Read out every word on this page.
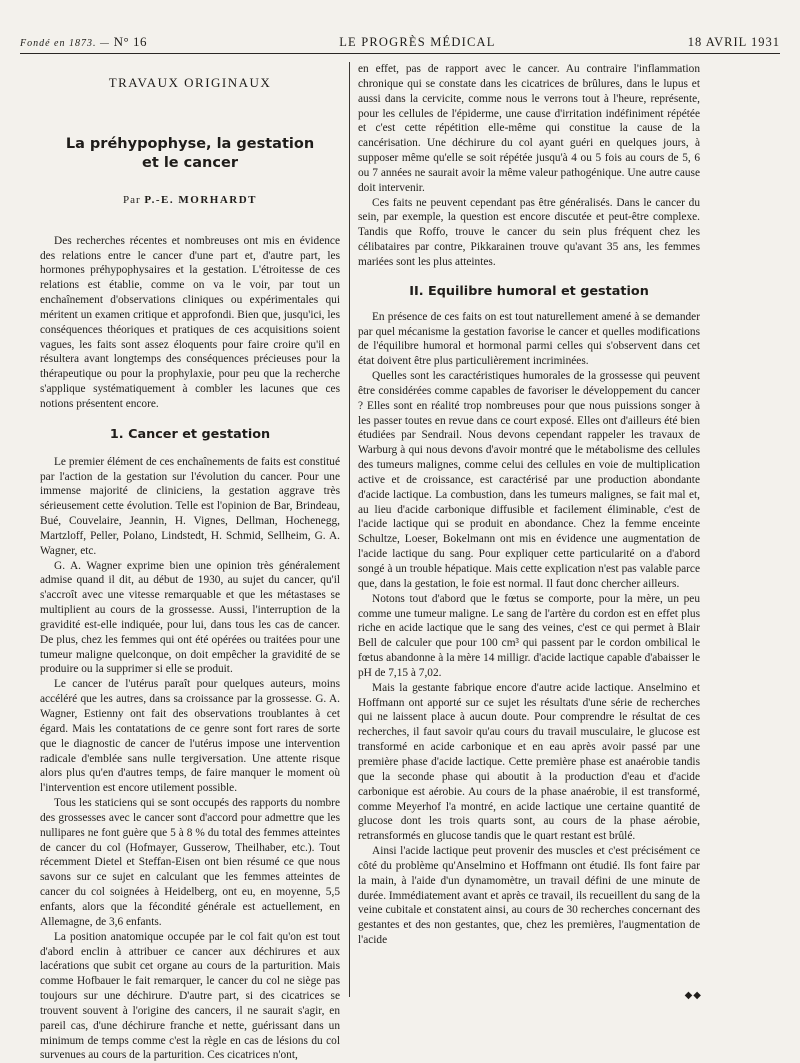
Fondé en 1873. — N° 16	LE PROGRÈS MÉDICAL	18 AVRIL 1931
TRAVAUX ORIGINAUX
La préhypophyse, la gestation
et le cancer
Par P.-E. MORHARDT

Des recherches récentes et nombreuses ont mis en évidence des relations entre le cancer d'une part et, d'autre part, les hormones préhypophysaires et la gestation. L'étroitesse de ces relations est établie, comme on va le voir, par tout un enchaînement d'observations cliniques ou expérimentales qui méritent un examen critique et approfondi. Bien que, jusqu'ici, les conséquences théoriques et pratiques de ces acquisitions soient vagues, les faits sont assez éloquents pour faire croire qu'il en résultera avant longtemps des conséquences précieuses pour la thérapeutique ou pour la prophylaxie, pour peu que la recherche s'applique systématiquement à combler les lacunes que ces notions présentent encore.

1. Cancer et gestation

Le premier élément de ces enchaînements de faits est constitué par l'action de la gestation sur l'évolution du cancer. Pour une immense majorité de cliniciens, la gestation aggrave très sérieusement cette évolution. Telle est l'opinion de Bar, Brindeau, Bué, Couvelaire, Jeannin, H. Vignes, Dellman, Hochenegg, Martzloff, Peller, Polano, Lindstedt, H. Schmid, Sellheim, G. A. Wagner, etc.

G. A. Wagner exprime bien une opinion très généralement admise quand il dit, au début de 1930, au sujet du cancer, qu'il s'accroît avec une vitesse remarquable et que les métastases se multiplient au cours de la grossesse. Aussi, l'interruption de la gravidité est-elle indiquée, pour lui, dans tous les cas de cancer. De plus, chez les femmes qui ont été opérées ou traitées pour une tumeur maligne quelconque, on doit empêcher la gravidité de se produire ou la supprimer si elle se produit.

Le cancer de l'utérus paraît pour quelques auteurs, moins accéléré que les autres, dans sa croissance par la grossesse. G. A. Wagner, Estienny ont fait des observations troublantes à cet égard. Mais les contatations de ce genre sont fort rares de sorte que le diagnostic de cancer de l'utérus impose une intervention radicale d'emblée sans nulle tergiversation. Une attente risque alors plus qu'en d'autres temps, de faire manquer le moment où l'intervention est encore utilement possible.

Tous les staticiens qui se sont occupés des rapports du nombre des grossesses avec le cancer sont d'accord pour admettre que les nullipares ne font guère que 5 à 8 % du total des femmes atteintes de cancer du col (Hofmayer, Gusserow, Theilhaber, etc.). Tout récemment Dietel et Steffan-Eisen ont bien résumé ce que nous savons sur ce sujet en calculant que les femmes atteintes de cancer du col soignées à Heidelberg, ont eu, en moyenne, 5,5 enfants, alors que la fécondité générale est actuellement, en Allemagne, de 3,6 enfants.

La position anatomique occupée par le col fait qu'on est tout d'abord enclin à attribuer ce cancer aux déchirures et aux lacérations que subit cet organe au cours de la parturition. Mais comme Hofbauer le fait remarquer, le cancer du col ne siège pas toujours sur une déchirure. D'autre part, si des cicatrices se trouvent souvent à l'origine des cancers, il ne saurait s'agir, en pareil cas, d'une déchirure franche et nette, guérissant dans un minimum de temps comme c'est la règle en cas de lésions du col survenues au cours de la parturition. Ces cicatrices n'ont,

en effet, pas de rapport avec le cancer. Au contraire l'inflammation chronique qui se constate dans les cicatrices de brûlures, dans le lupus et aussi dans la cervicite, comme nous le verrons tout à l'heure, représente, pour les cellules de l'épiderme, une cause d'irritation indéfiniment répétée et c'est cette répétition elle-même qui constitue la cause de la cancérisation. Une déchirure du col ayant guéri en quelques jours, à supposer même qu'elle se soit répétée jusqu'à 4 ou 5 fois au cours de 5, 6 ou 7 années ne saurait avoir la même valeur pathogénique. Une autre cause doit intervenir.

Ces faits ne peuvent cependant pas être généralisés. Dans le cancer du sein, par exemple, la question est encore discutée et peut-être complexe. Tandis que Roffo, trouve le cancer du sein plus fréquent chez les célibataires par contre, Pikkarainen trouve qu'avant 35 ans, les femmes mariées sont les plus atteintes.

II. Equilibre humoral et gestation

En présence de ces faits on est tout naturellement amené à se demander par quel mécanisme la gestation favorise le cancer et quelles modifications de l'équilibre humoral et hormonal parmi celles qui s'observent dans cet état doivent être plus particulièrement incriminées.

Quelles sont les caractéristiques humorales de la grossesse qui peuvent être considérées comme capables de favoriser le développement du cancer ? Elles sont en réalité trop nombreuses pour que nous puissions songer à les passer toutes en revue dans ce court exposé. Elles ont d'ailleurs été bien étudiées par Sendrail. Nous devons cependant rappeler les travaux de Warburg à qui nous devons d'avoir montré que le métabolisme des cellules des tumeurs malignes, comme celui des cellules en voie de multiplication active et de croissance, est caractérisé par une production abondante d'acide lactique. La combustion, dans les tumeurs malignes, se fait mal et, au lieu d'acide carbonique diffusible et facilement éliminable, c'est de l'acide lactique qui se produit en abondance. Chez la femme enceinte Schultze, Loeser, Bokelmann ont mis en évidence une augmentation de l'acide lactique du sang. Pour expliquer cette particularité on a d'abord songé à un trouble hépatique. Mais cette explication n'est pas valable parce que, dans la gestation, le foie est normal. Il faut donc chercher ailleurs.

Notons tout d'abord que le fœtus se comporte, pour la mère, un peu comme une tumeur maligne. Le sang de l'artère du cordon est en effet plus riche en acide lactique que le sang des veines, c'est ce qui permet à Blair Bell de calculer que pour 100 cm³ qui passent par le cordon ombilical le fœtus abandonne à la mère 14 milligr. d'acide lactique capable d'abaisser le pH de 7,15 à 7,02.

Mais la gestante fabrique encore d'autre acide lactique. Anselmino et Hoffmann ont apporté sur ce sujet les résultats d'une série de recherches qui ne laissent place à aucun doute. Pour comprendre le résultat de ces recherches, il faut savoir qu'au cours du travail musculaire, le glucose est transformé en acide carbonique et en eau après avoir passé par une première phase d'acide lactique. Cette première phase est anaérobie tandis que la seconde phase qui aboutit à la production d'eau et d'acide carbonique est aérobie. Au cours de la phase anaérobie, il est transformé, comme Meyerhof l'a montré, en acide lactique une certaine quantité de glucose dont les trois quarts sont, au cours de la phase aérobie, retransformés en glucose tandis que le quart restant est brûlé.

Ainsi l'acide lactique peut provenir des muscles et c'est précisément ce côté du problème qu'Anselmino et Hoffmann ont étudié. Ils font faire par la main, à l'aide d'un dynamomètre, un travail défini de une minute de durée. Immédiatement avant et après ce travail, ils recueillent du sang de la veine cubitale et constatent ainsi, au cours de 30 recherches concernant des gestantes et des non gestantes, que, chez les premières, l'augmentation de l'acide

◆◆
